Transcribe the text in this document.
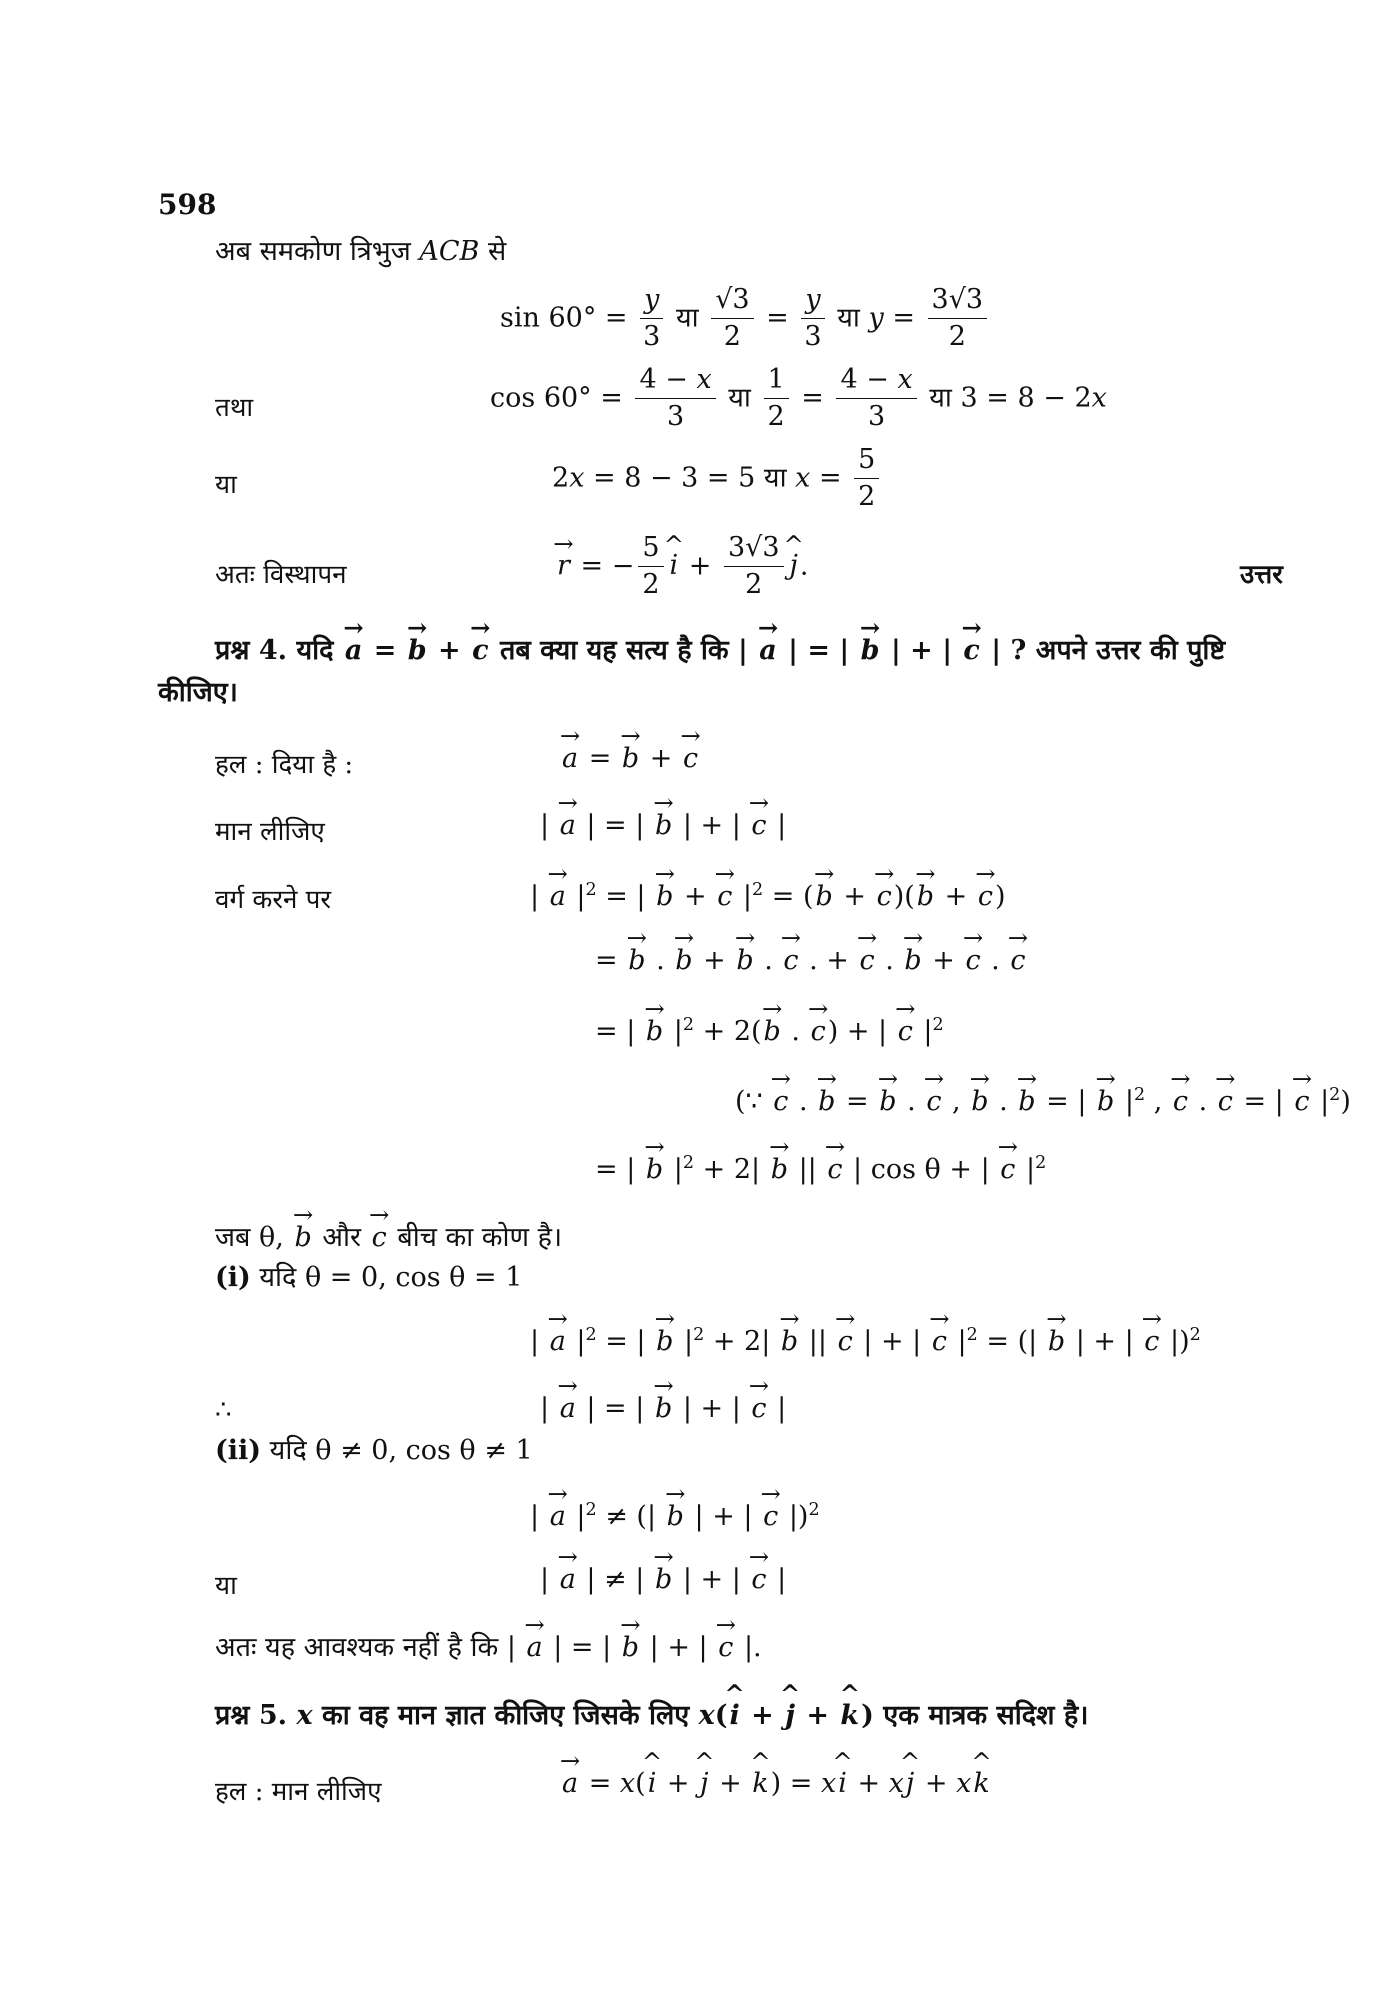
598
अब समकोण त्रिभुज ACB से
$\sin 60^\circ = \frac{y}{3}$ या $\frac{√3}{2} = \frac{y}{3}$ या $y = \frac{3√3}{2}$
तथा	$\cos 60^\circ = \frac{4 - x}{3}$ या $\frac{1}{2} = \frac{4 - x}{3}$ या 3 = 8 − 2x
या	2x = 8 − 3 = 5 या $x = \frac{5}{2}$
अतः विस्थापन	→ r = − $\frac{5}{2}$ ^ $i + \frac{3√3}{2}$ ^ j.	उत्तर
प्रश्न 4. यदि → a = → b + → c तब क्या यह सत्य है कि | → a | = | → b | + | → c | ? अपने उत्तर की पुष्टि
कीजिए।
हल : दिया है :	→ a = → b + → c
मान लीजिए	| → a | = | → b | + | → c |
वर्ग करने पर	| → a $|^2$ = | → b + → c $|^2$ = (→ b + → c)(→ b + → c)
= → b . → b + → b . → c . + → c . → b + → c . → c
= | → b $|^2 + 2(\to b$ . → c) + | → c $|^2$
(∵ → c . → b = → b . → c , → b . → b = | → b $|^2$ , → c . → c = | → c $|^2$)
= | → b $|^2 + 2| \to b$ || → c | cos θ + | → c $|^2$
जब θ, → b और → c बीच का कोण है।
(i) यदि θ = 0, cos θ = 1
| → a $|^2$ = | → b $|^2 + 2| \to b$ || → c | + | → c $|^2$ = (| → b | + | → c |)$^2$
∴	| → a | = | → b | + | → c |
(ii) यदि θ ≠ 0, cos θ ≠ 1
| → a $|^2$ ≠ (| → b | + | → c |)$^2$
या	| → a | ≠ | → b | + | → c |
अतः यह आवश्यक नहीं है कि | → a | = | → b | + | → c |.
प्रश्न 5. x का वह मान ज्ञात कीजिए जिसके लिए x(^ i + ^ j + ^ k) एक मात्रक सदिश है।
हल : मान लीजिए	→ a = x(^ i + ^ j + ^ k) = x^ i + x^ j + x^ k
